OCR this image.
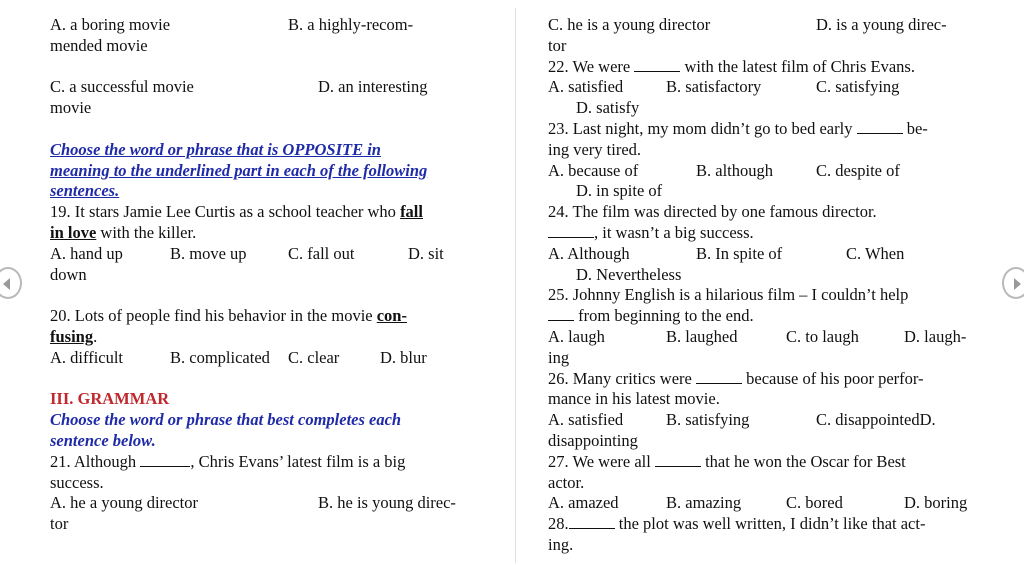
A. a boring movie	B. a highly-recom-
mended movie
C. a successful movie	D. an interesting
movie
Choose the word or phrase that is OPPOSITE in
meaning to the underlined part in each of the following
sentences.
19. It stars Jamie Lee Curtis as a school teacher who fall
in love with the killer.
A. hand up	B. move up	C. fall out	D. sit
down
20. Lots of people find his behavior in the movie con-
fusing.
A. difficult	B. complicated C. clear D. blur
III. GRAMMAR
Choose the word or phrase that best completes each
sentence below.
21. Although	, Chris Evans’ latest film is a big
success.
A. he a young director	B. he is young direc-
tor
C. he is a young director	D. is a young direc-
tor
22. We were	with the latest film of Chris Evans.
A. satisfied	B. satisfactory	C. satisfying
D. satisfy
23. Last night, my mom didn’t go to bed early	be-
ing very tired.
A. because of	B. although	C. despite of
D. in spite of
24. The film was directed by one famous director.
, it wasn’t a big success.
A. Although	B. In spite of	C. When
D. Nevertheless
25. Johnny English is a hilarious film – I couldn’t help
from beginning to the end.
A. laugh	B. laughed	C. to laugh	D. laugh-
ing
26. Many critics were	because of his poor perfor-
mance in his latest movie.
A. satisfied	B. satisfying	C. disappointedD.
disappointing
27. We were all	that he won the Oscar for Best
actor.
A. amazed	B. amazing	C. bored	D. boring
28.	the plot was well written, I didn’t like that act-
ing.
